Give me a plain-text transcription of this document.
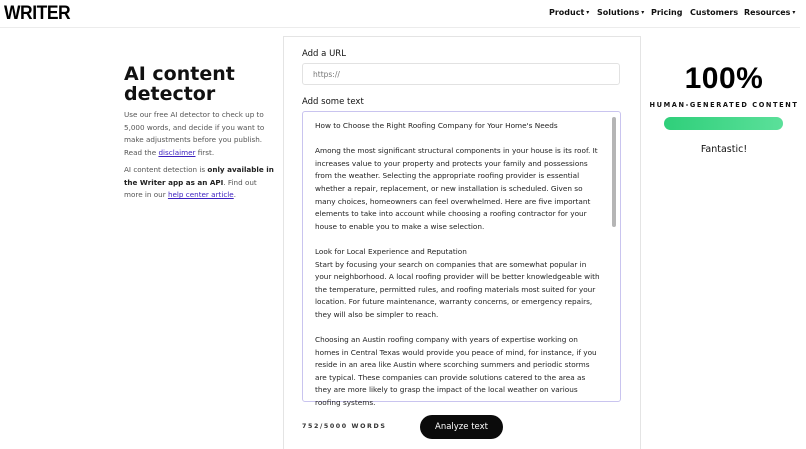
WRITER	Product ▾ Solutions ▾ Pricing Customers Resources ▾
AI content detector
Use our free AI detector to check up to 5,000 words, and decide if you want to make adjustments before you publish. Read the disclaimer first.
AI content detection is only available in the Writer app as an API. Find out more in our help center article.
Add a URL
https://
Add some text

How to Choose the Right Roofing Company for Your Home's Needs

Among the most significant structural components in your house is its roof. It increases value to your property and protects your family and possessions from the weather. Selecting the appropriate roofing provider is essential whether a repair, replacement, or new installation is scheduled. Given so many choices, homeowners can feel overwhelmed. Here are five important elements to take into account while choosing a roofing contractor for your house to enable you to make a wise selection.

Look for Local Experience and Reputation
Start by focusing your search on companies that are somewhat popular in your neighborhood. A local roofing provider will be better knowledgeable with the temperature, permitted rules, and roofing materials most suited for your location. For future maintenance, warranty concerns, or emergency repairs, they will also be simpler to reach.

Choosing an Austin roofing company with years of expertise working on homes in Central Texas would provide you peace of mind, for instance, if you reside in an area like Austin where scorching summers and periodic storms are typical. These companies can provide solutions catered to the area as they are more likely to grasp the impact of the local weather on various roofing systems.

752/5000 WORDS	Analyze text
100%
HUMAN-GENERATED CONTENT
Fantastic!
